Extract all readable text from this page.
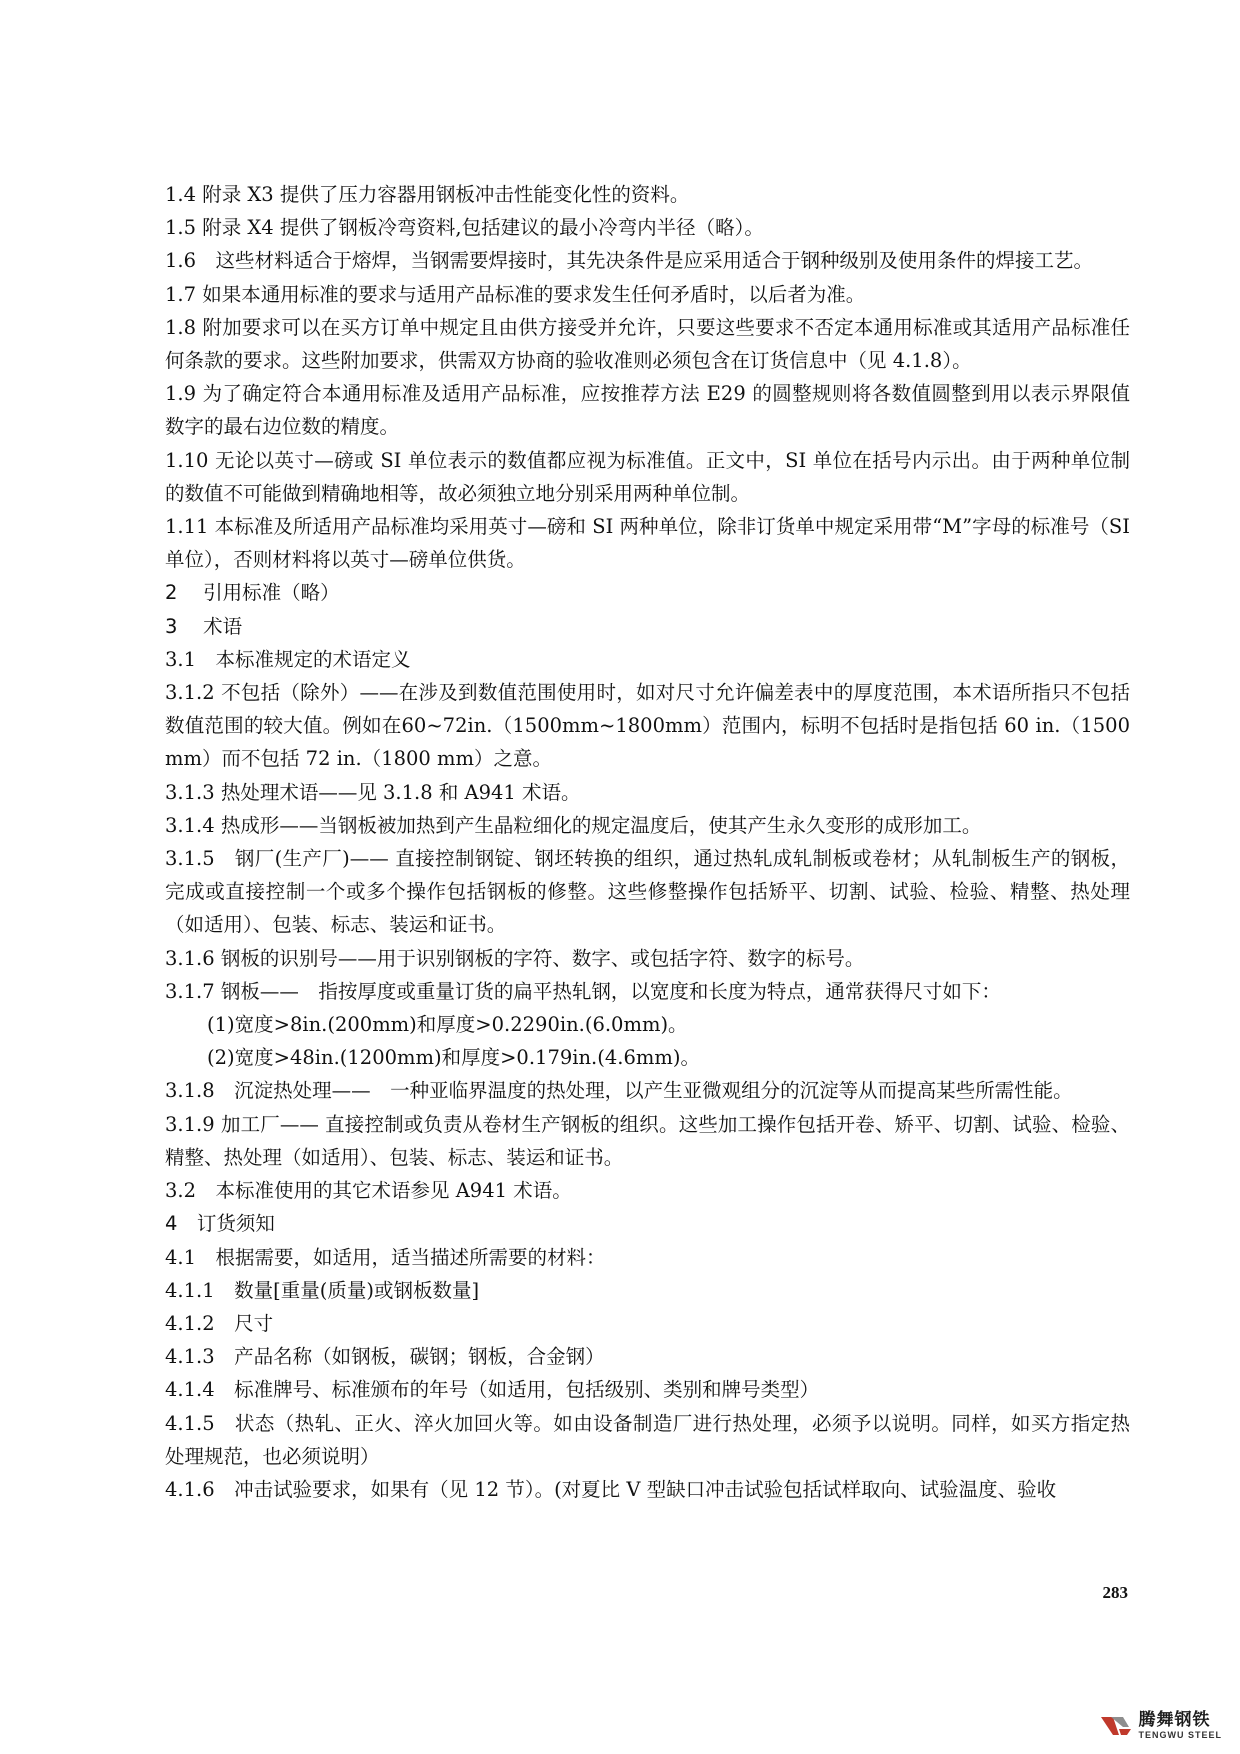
1.4 附录 X3 提供了压力容器用钢板冲击性能变化性的资料。

1.5 附录 X4 提供了钢板冷弯资料,包括建议的最小冷弯内半径（略）。

1.6　这些材料适合于熔焊，当钢需要焊接时，其先决条件是应采用适合于钢种级别及使用条件的焊接工艺。

1.7 如果本通用标准的要求与适用产品标准的要求发生任何矛盾时，以后者为准。

1.8 附加要求可以在买方订单中规定且由供方接受并允许，只要这些要求不否定本通用标准或其适用产品标准任何条款的要求。这些附加要求，供需双方协商的验收准则必须包含在订货信息中（见 4.1.8）。

1.9 为了确定符合本通用标准及适用产品标准，应按推荐方法 E29 的圆整规则将各数值圆整到用以表示界限值数字的最右边位数的精度。

1.10 无论以英寸—磅或 SI 单位表示的数值都应视为标准值。正文中，SI 单位在括号内示出。由于两种单位制的数值不可能做到精确地相等，故必须独立地分别采用两种单位制。

1.11 本标准及所适用产品标准均采用英寸—磅和 SI 两种单位，除非订货单中规定采用带“M”字母的标准号（SI 单位），否则材料将以英寸—磅单位供货。

2　 引用标准（略）

3　 术语

3.1　本标准规定的术语定义

3.1.2 不包括（除外）——在涉及到数值范围使用时，如对尺寸允许偏差表中的厚度范围，本术语所指只不包括数值范围的较大值。例如在60~72in.（1500mm~1800mm）范围内，标明不包括时是指包括 60 in.（1500 mm）而不包括 72 in.（1800 mm）之意。

3.1.3 热处理术语——见 3.1.8 和 A941 术语。

3.1.4 热成形——当钢板被加热到产生晶粒细化的规定温度后，使其产生永久变形的成形加工。

3.1.5　钢厂(生产厂)—— 直接控制钢锭、钢坯转换的组织，通过热轧成轧制板或卷材；从轧制板生产的钢板，完成或直接控制一个或多个操作包括钢板的修整。这些修整操作包括矫平、切割、试验、检验、精整、热处理（如适用）、包装、标志、装运和证书。

3.1.6 钢板的识别号——用于识别钢板的字符、数字、或包括字符、数字的标号。

3.1.7 钢板——　指按厚度或重量订货的扁平热轧钢，以宽度和长度为特点，通常获得尺寸如下：

(1)宽度>8in.(200mm)和厚度>0.2290in.(6.0mm)。

(2)宽度>48in.(1200mm)和厚度>0.179in.(4.6mm)。

3.1.8　沉淀热处理——　一种亚临界温度的热处理，以产生亚微观组分的沉淀等从而提高某些所需性能。

3.1.9 加工厂—— 直接控制或负责从卷材生产钢板的组织。这些加工操作包括开卷、矫平、切割、试验、检验、精整、热处理（如适用）、包装、标志、装运和证书。

3.2　本标准使用的其它术语参见 A941 术语。

4　订货须知

4.1　根据需要，如适用，适当描述所需要的材料：

4.1.1　数量[重量(质量)或钢板数量]

4.1.2　尺寸

4.1.3　产品名称（如钢板，碳钢；钢板，合金钢）

4.1.4　标准牌号、标准颁布的年号（如适用，包括级别、类别和牌号类型）

4.1.5　状态（热轧、正火、淬火加回火等。如由设备制造厂进行热处理，必须予以说明。同样，如买方指定热处理规范，也必须说明）

4.1.6　冲击试验要求，如果有（见 12 节）。(对夏比 V 型缺口冲击试验包括试样取向、试验温度、验收

283
腾舞钢铁
TENGWU STEEL
